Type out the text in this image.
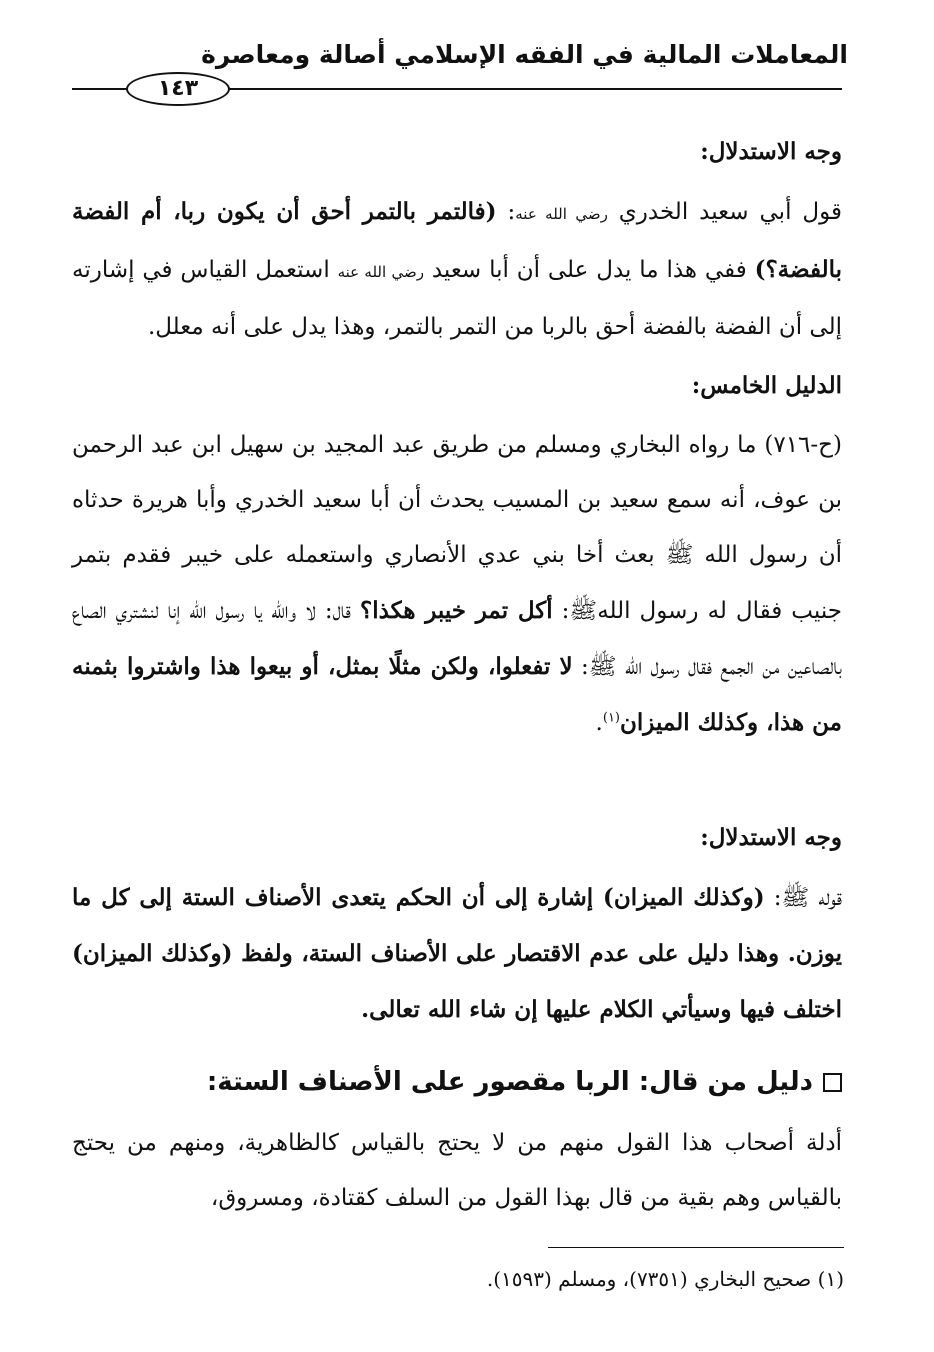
المعاملات المالية في الفقه الإسلامي أصالة ومعاصرة
١٤٣
وجه الاستدلال:

قول أبي سعيد الخدري رضي الله عنه: (فالتمر بالتمر أحق أن يكون ربا، أم الفضة بالفضة؟) ففي هذا ما يدل على أن أبا سعيد رضي الله عنه استعمل القياس في إشارته إلى أن الفضة بالفضة أحق بالربا من التمر بالتمر، وهذا يدل على أنه معلل.

الدليل الخامس:

(ح-٧١٦) ما رواه البخاري ومسلم من طريق عبد المجيد بن سهيل ابن عبد الرحمن بن عوف، أنه سمع سعيد بن المسيب يحدث أن أبا سعيد الخدري وأبا هريرة حدثاه أن رسول الله ﷺ بعث أخا بني عدي الأنصاري واستعمله على خيبر فقدم بتمر جنيب فقال له رسول اللهﷺ: أكل تمر خيبر هكذا؟ قال: لا والله يا رسول الله إنا لنشتري الصاع بالصاعين من الجمع فقال رسول الله ﷺ: لا تفعلوا، ولكن مثلًا بمثل، أو بيعوا هذا واشتروا بثمنه من هذا، وكذلك الميزان$^{(١)}$.

وجه الاستدلال:

قوله ﷺ: (وكذلك الميزان) إشارة إلى أن الحكم يتعدى الأصناف الستة إلى كل ما يوزن. وهذا دليل على عدم الاقتصار على الأصناف الستة، ولفظ (وكذلك الميزان) اختلف فيها وسيأتي الكلام عليها إن شاء الله تعالى.

دليل من قال: الربا مقصور على الأصناف الستة:

أدلة أصحاب هذا القول منهم من لا يحتج بالقياس كالظاهرية، ومنهم من يحتج بالقياس وهم بقية من قال بهذا القول من السلف كقتادة، ومسروق،

(١) صحيح البخاري (٧٣٥١)، ومسلم (١٥٩٣).
